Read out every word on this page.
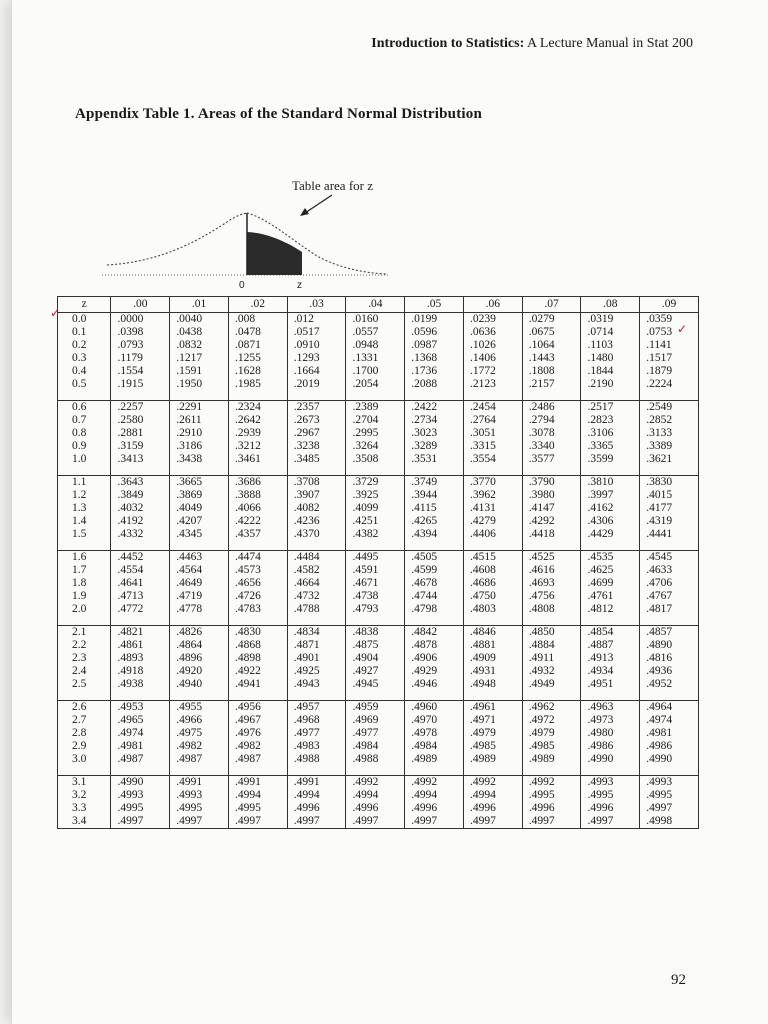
Introduction to Statistics: A Lecture Manual in Stat 200
Appendix Table 1. Areas of the Standard Normal Distribution
Table area for z
0	z
✓
✓
z	.00	.01	.02	.03	.04	.05	.06	.07	.08	.09
0.0	.0000	.0040	.008	.012	.0160	.0199	.0239	.0279	.0319	.0359
0.1	.0398	.0438	.0478	.0517	.0557	.0596	.0636	.0675	.0714	.0753
0.2	.0793	.0832	.0871	.0910	.0948	.0987	.1026	.1064	.1103	.1141
0.3	.1179	.1217	.1255	.1293	.1331	.1368	.1406	.1443	.1480	.1517
0.4	.1554	.1591	.1628	.1664	.1700	.1736	.1772	.1808	.1844	.1879
0.5	.1915	.1950	.1985	.2019	.2054	.2088	.2123	.2157	.2190	.2224

0.6	.2257	.2291	.2324	.2357	.2389	.2422	.2454	.2486	.2517	.2549
0.7	.2580	.2611	.2642	.2673	.2704	.2734	.2764	.2794	.2823	.2852
0.8	.2881	.2910	.2939	.2967	.2995	.3023	.3051	.3078	.3106	.3133
0.9	.3159	.3186	.3212	.3238	.3264	.3289	.3315	.3340	.3365	.3389
1.0	.3413	.3438	.3461	.3485	.3508	.3531	.3554	.3577	.3599	.3621

1.1	.3643	.3665	.3686	.3708	.3729	.3749	.3770	.3790	.3810	.3830
1.2	.3849	.3869	.3888	.3907	.3925	.3944	.3962	.3980	.3997	.4015
1.3	.4032	.4049	.4066	.4082	.4099	.4115	.4131	.4147	.4162	.4177
1.4	.4192	.4207	.4222	.4236	.4251	.4265	.4279	.4292	.4306	.4319
1.5	.4332	.4345	.4357	.4370	.4382	.4394	.4406	.4418	.4429	.4441

1.6	.4452	.4463	.4474	.4484	.4495	.4505	.4515	.4525	.4535	.4545
1.7	.4554	.4564	.4573	.4582	.4591	.4599	.4608	.4616	.4625	.4633
1.8	.4641	.4649	.4656	.4664	.4671	.4678	.4686	.4693	.4699	.4706
1.9	.4713	.4719	.4726	.4732	.4738	.4744	.4750	.4756	.4761	.4767
2.0	.4772	.4778	.4783	.4788	.4793	.4798	.4803	.4808	.4812	.4817

2.1	.4821	.4826	.4830	.4834	.4838	.4842	.4846	.4850	.4854	.4857
2.2	.4861	.4864	.4868	.4871	.4875	.4878	.4881	.4884	.4887	.4890
2.3	.4893	.4896	.4898	.4901	.4904	.4906	.4909	.4911	.4913	.4816
2.4	.4918	.4920	.4922	.4925	.4927	.4929	.4931	.4932	.4934	.4936
2.5	.4938	.4940	.4941	.4943	.4945	.4946	.4948	.4949	.4951	.4952

2.6	.4953	.4955	.4956	.4957	.4959	.4960	.4961	.4962	.4963	.4964
2.7	.4965	.4966	.4967	.4968	.4969	.4970	.4971	.4972	.4973	.4974
2.8	.4974	.4975	.4976	.4977	.4977	.4978	.4979	.4979	.4980	.4981
2.9	.4981	.4982	.4982	.4983	.4984	.4984	.4985	.4985	.4986	.4986
3.0	.4987	.4987	.4987	.4988	.4988	.4989	.4989	.4989	.4990	.4990

3.1	.4990	.4991	.4991	.4991	.4992	.4992	.4992	.4992	.4993	.4993
3.2	.4993	.4993	.4994	.4994	.4994	.4994	.4994	.4995	.4995	.4995
3.3	.4995	.4995	.4995	.4996	.4996	.4996	.4996	.4996	.4996	.4997
3.4	.4997	.4997	.4997	.4997	.4997	.4997	.4997	.4997	.4997	.4998
92
